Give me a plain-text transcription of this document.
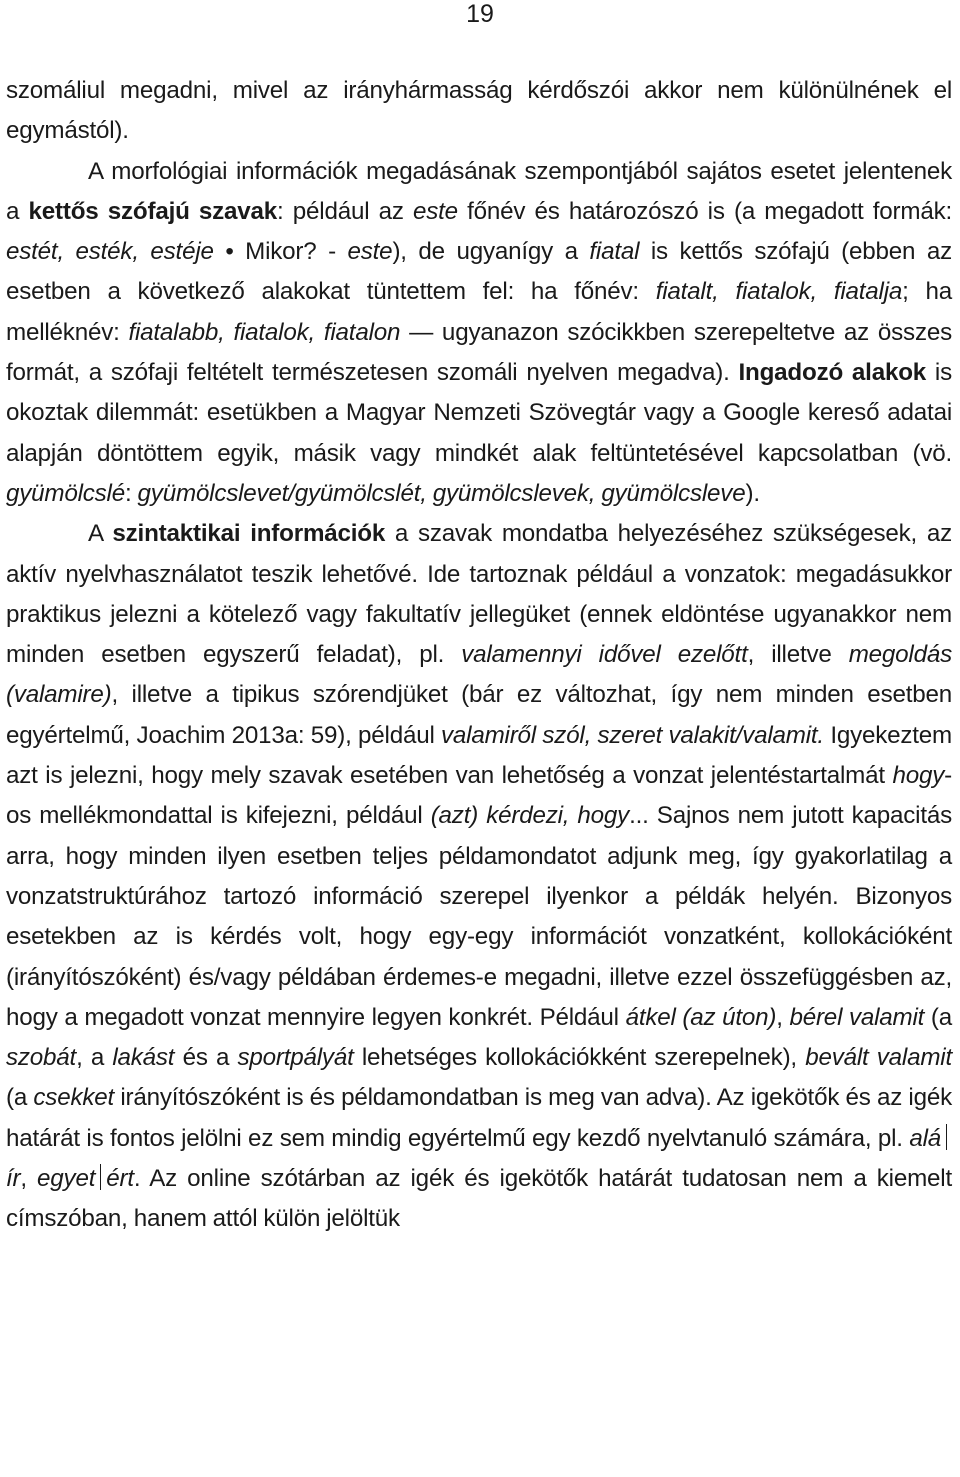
19

szomáliul megadni, mivel az irányhármasság kérdőszói akkor nem különülnének el egymástól).

A morfológiai információk megadásának szempontjából sajátos esetet jelentenek a kettős szófajú szavak: például az este főnév és határozószó is (a megadott formák: estét, esték, estéje • Mikor? - este), de ugyanígy a fiatal is kettős szófajú (ebben az esetben a következő alakokat tüntettem fel: ha főnév: fiatalt, fiatalok, fiatalja; ha melléknév: fiatalabb, fiatalok, fiatalon — ugyanazon szócikkben szerepeltetve az összes formát, a szófaji feltételt természetesen szomáli nyelven megadva). Ingadozó alakok is okoztak dilemmát: esetükben a Magyar Nemzeti Szövegtár vagy a Google kereső adatai alapján döntöttem egyik, másik vagy mindkét alak feltüntetésével kapcsolatban (vö. gyümölcslé: gyümölcslevet/gyümölcslét, gyümölcslevek, gyümölcsleve).

A szintaktikai információk a szavak mondatba helyezéséhez szükségesek, az aktív nyelvhasználatot teszik lehetővé. Ide tartoznak például a vonzatok: megadásukkor praktikus jelezni a kötelező vagy fakultatív jellegüket (ennek eldöntése ugyanakkor nem minden esetben egyszerű feladat), pl. valamennyi idővel ezelőtt, illetve megoldás (valamire), illetve a tipikus szórendjüket (bár ez változhat, így nem minden esetben egyértelmű, Joachim 2013a: 59), például valamiről szól, szeret valakit/valamit. Igyekeztem azt is jelezni, hogy mely szavak esetében van lehetőség a vonzat jelentéstartalmát hogy-os mellékmondattal is kifejezni, például (azt) kérdezi, hogy... Sajnos nem jutott kapacitás arra, hogy minden ilyen esetben teljes példamondatot adjunk meg, így gyakorlatilag a vonzatstruktúrához tartozó információ szerepel ilyenkor a példák helyén. Bizonyos esetekben az is kérdés volt, hogy egy-egy információt vonzatként, kollokációként (irányítószóként) és/vagy példában érdemes-e megadni, illetve ezzel összefüggésben az, hogy a megadott vonzat mennyire legyen konkrét. Például átkel (az úton), bérel valamit (a szobát, a lakást és a sportpályát lehetséges kollokációkként szerepelnek), bevált valamit (a csekket irányítószóként is és példamondatban is meg van adva). Az igekötők és az igék határát is fontos jelölni ez sem mindig egyértelmű egy kezdő nyelvtanuló számára, pl. aláír, egyet ért. Az online szótárban az igék és igekötők határát tudatosan nem a kiemelt címszóban, hanem attól külön jelöltük
